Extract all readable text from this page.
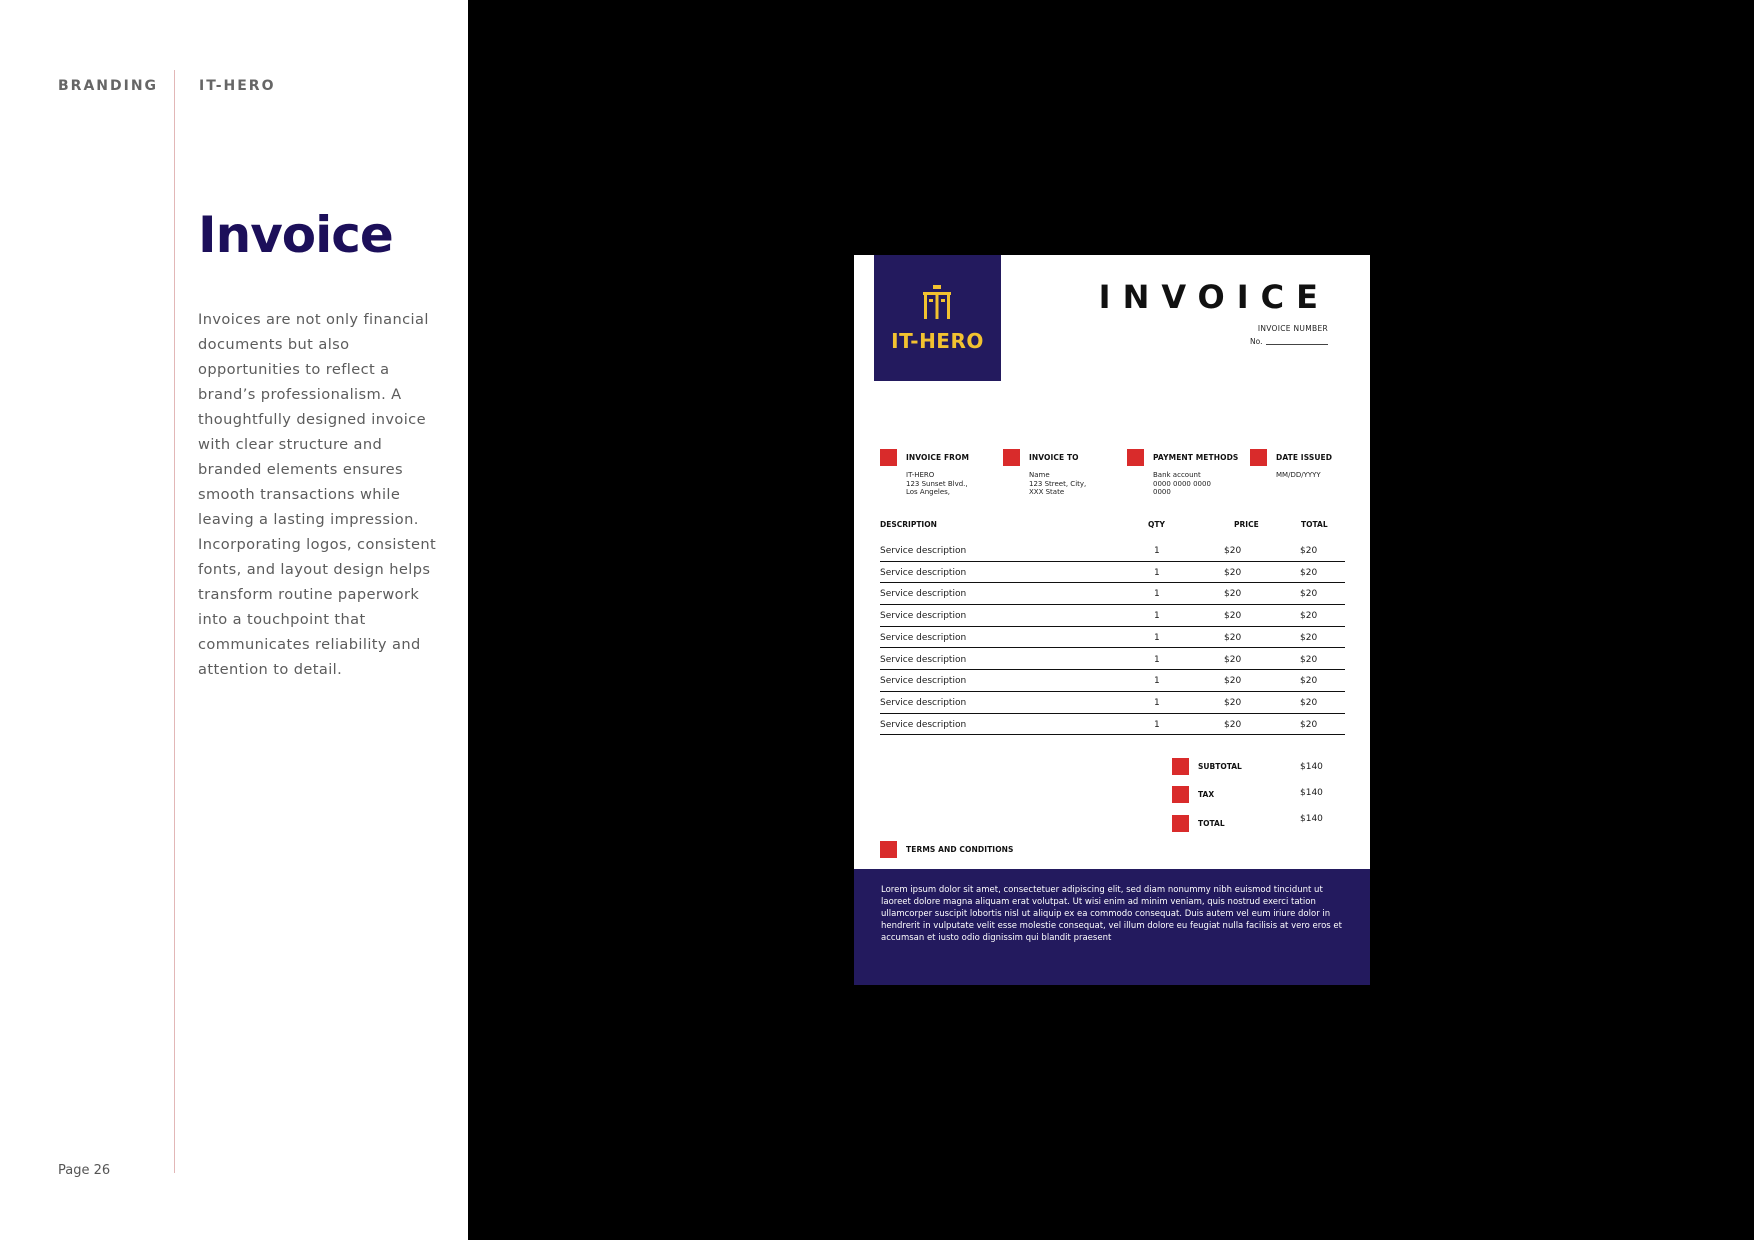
BRANDING	IT-HERO
Invoice

Invoices are not only financial documents but also opportunities to reflect a brand’s professionalism. A thoughtfully designed invoice with clear structure and branded elements ensures smooth transactions while leaving a lasting impression. Incorporating logos, consistent fonts, and layout design helps transform routine paperwork into a touchpoint that communicates reliability and attention to detail.

Page 26
IT-HERO
INVOICE
INVOICE NUMBER
No.
INVOICE FROM
IT-HERO
123 Sunset Blvd.,
Los Angeles,
INVOICE TO
Name
123 Street, City,
XXX State
PAYMENT METHODS
Bank account
0000 0000 0000
0000
DATE ISSUED
MM/DD/YYYY
DESCRIPTION	QTY	PRICE	TOTAL
Service description	1	$20	$20
Service description	1	$20	$20
Service description	1	$20	$20
Service description	1	$20	$20
Service description	1	$20	$20
Service description	1	$20	$20
Service description	1	$20	$20
Service description	1	$20	$20
Service description	1	$20	$20
SUBTOTAL	$140
TAX	$140
TOTAL	$140
TERMS AND CONDITIONS

Lorem ipsum dolor sit amet, consectetuer adipiscing elit, sed diam nonummy nibh euismod tincidunt ut laoreet dolore magna aliquam erat volutpat. Ut wisi enim ad minim veniam, quis nostrud exerci tation ullamcorper suscipit lobortis nisl ut aliquip ex ea commodo consequat. Duis autem vel eum iriure dolor in hendrerit in vulputate velit esse molestie consequat, vel illum dolore eu feugiat nulla facilisis at vero eros et accumsan et iusto odio dignissim qui blandit praesent
